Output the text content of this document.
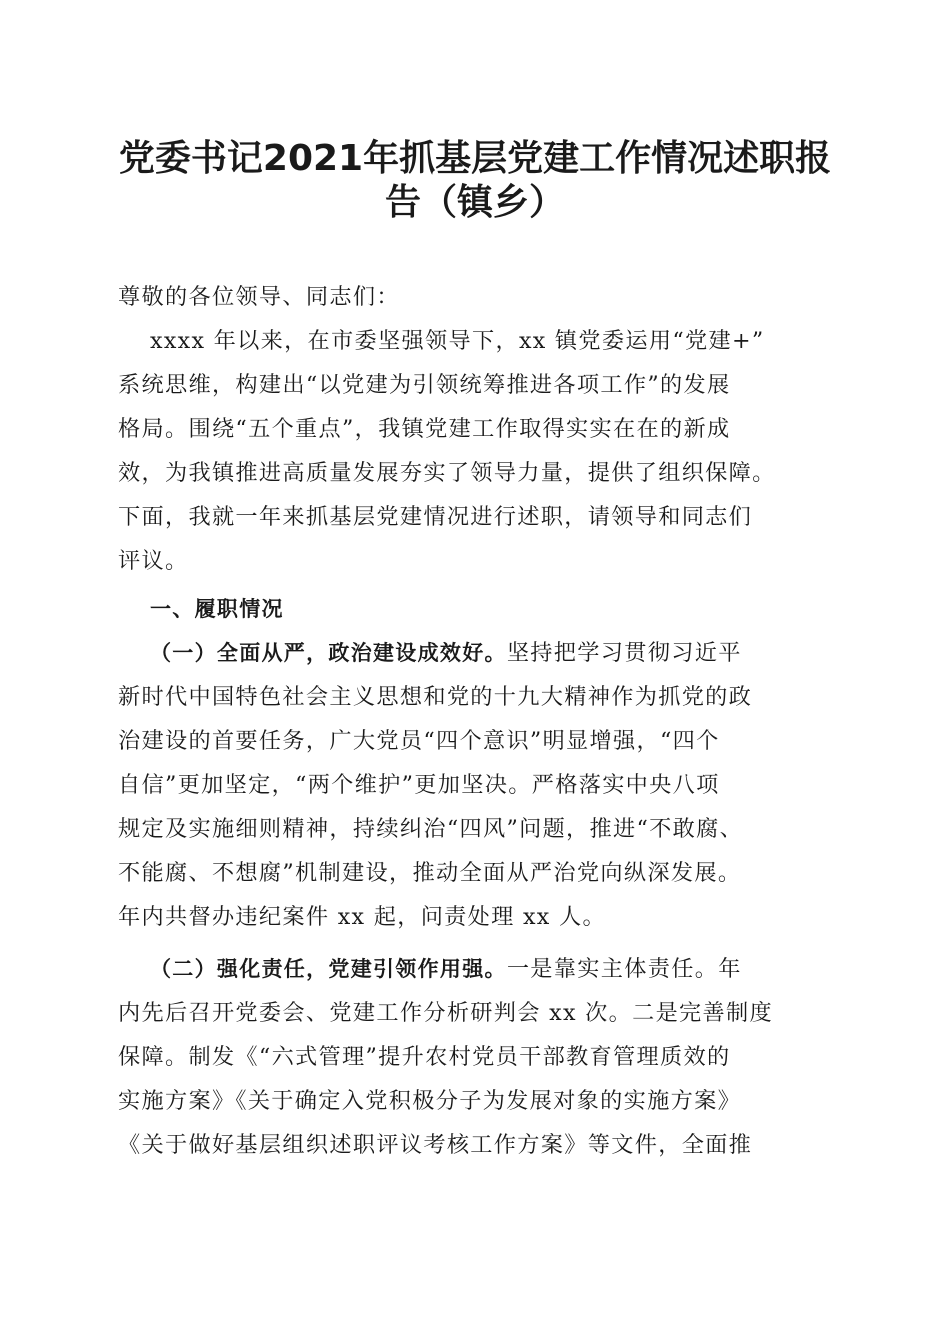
党委书记2021年抓基层党建工作情况述职报
告（镇乡）
尊敬的各位领导、同志们：
xxxx 年以来，在市委坚强领导下，xx 镇党委运用“党建+”
系统思维，构建出“以党建为引领统筹推进各项工作”的发展
格局。围绕“五个重点”，我镇党建工作取得实实在在的新成
效，为我镇推进高质量发展夯实了领导力量，提供了组织保障。
下面，我就一年来抓基层党建情况进行述职，请领导和同志们
评议。
一、履职情况
（一）全面从严，政治建设成效好。坚持把学习贯彻习近平
新时代中国特色社会主义思想和党的十九大精神作为抓党的政
治建设的首要任务，广大党员“四个意识”明显增强，“四个
自信”更加坚定，“两个维护”更加坚决。严格落实中央八项
规定及实施细则精神，持续纠治“四风”问题，推进“不敢腐、
不能腐、不想腐”机制建设，推动全面从严治党向纵深发展。
年内共督办违纪案件 xx 起，问责处理 xx 人。
（二）强化责任，党建引领作用强。一是靠实主体责任。年
内先后召开党委会、党建工作分析研判会 xx 次。二是完善制度
保障。制发《“六式管理”提升农村党员干部教育管理质效的
实施方案》《关于确定入党积极分子为发展对象的实施方案》
《关于做好基层组织述职评议考核工作方案》等文件，全面推
